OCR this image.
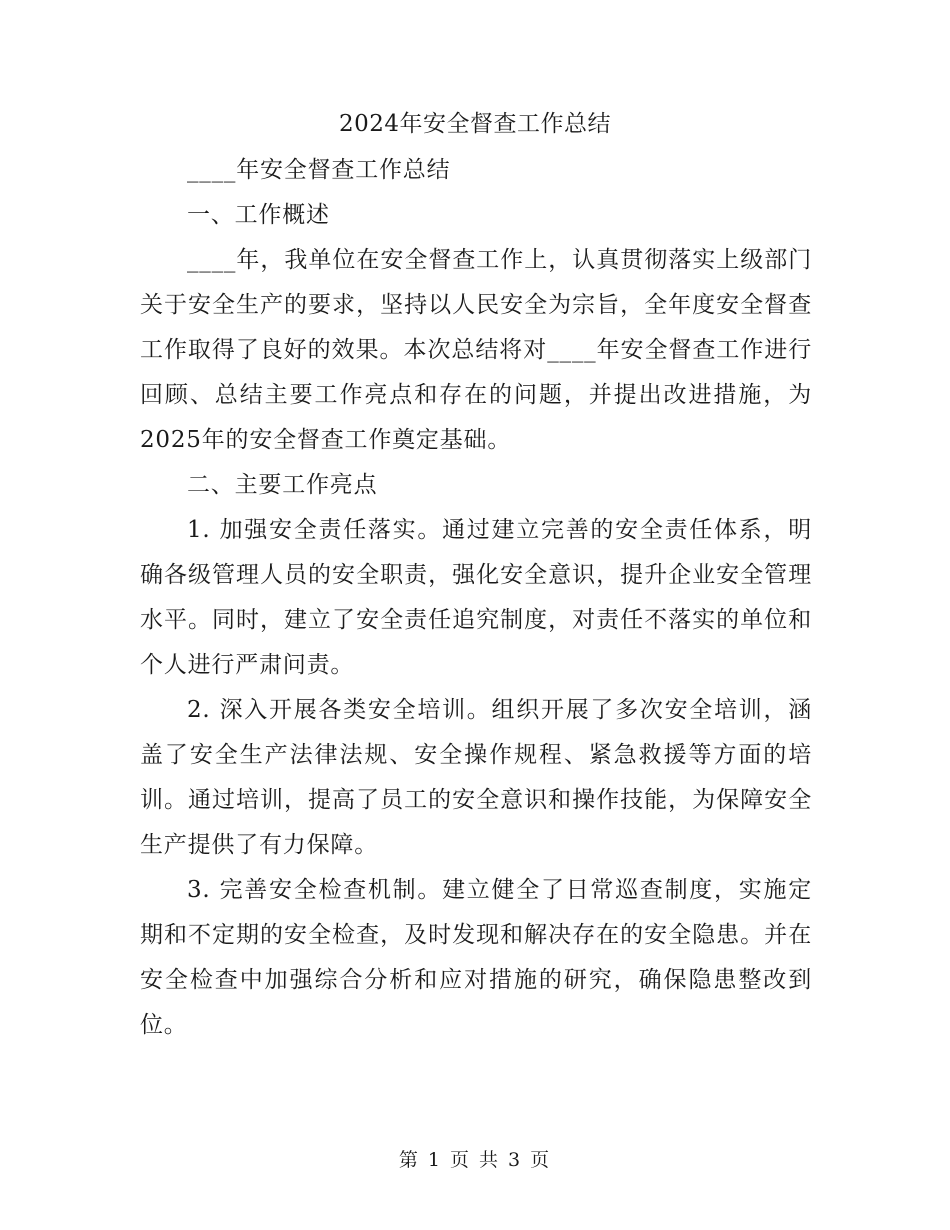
2024年安全督查工作总结

____年安全督查工作总结

一、工作概述

____年，我单位在安全督查工作上，认真贯彻落实上级部门关于安全生产的要求，坚持以人民安全为宗旨，全年度安全督查工作取得了良好的效果。本次总结将对____年安全督查工作进行回顾、总结主要工作亮点和存在的问题，并提出改进措施，为2025年的安全督查工作奠定基础。

二、主要工作亮点

1. 加强安全责任落实。通过建立完善的安全责任体系，明确各级管理人员的安全职责，强化安全意识，提升企业安全管理水平。同时，建立了安全责任追究制度，对责任不落实的单位和个人进行严肃问责。

2. 深入开展各类安全培训。组织开展了多次安全培训，涵盖了安全生产法律法规、安全操作规程、紧急救援等方面的培训。通过培训，提高了员工的安全意识和操作技能，为保障安全生产提供了有力保障。

3. 完善安全检查机制。建立健全了日常巡查制度，实施定期和不定期的安全检查，及时发现和解决存在的安全隐患。并在安全检查中加强综合分析和应对措施的研究，确保隐患整改到位。

第 1 页 共 3 页
